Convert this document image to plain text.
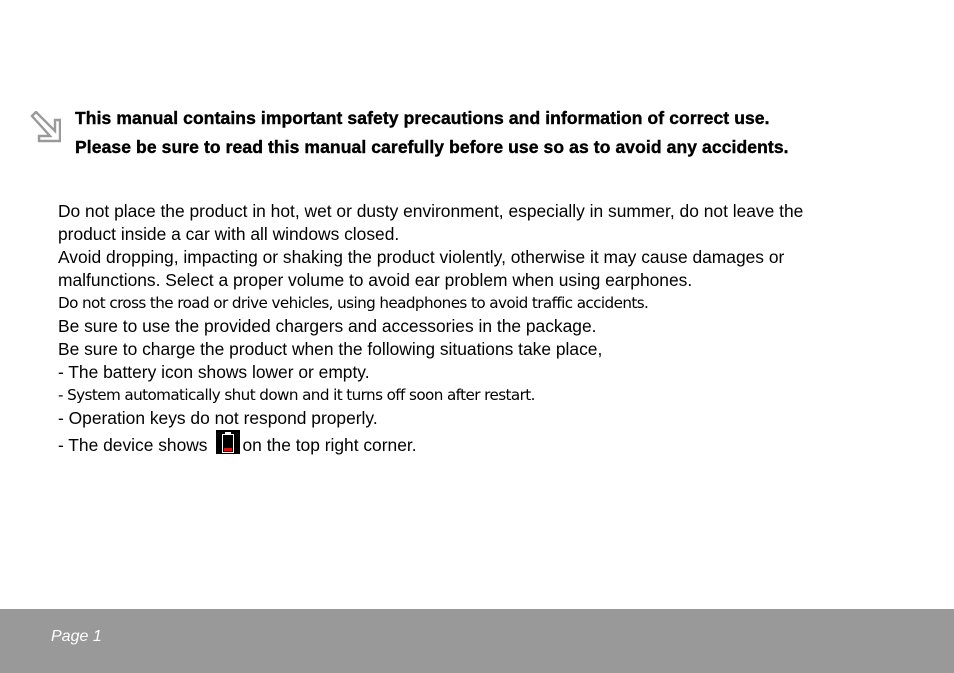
This manual contains important safety precautions and information of correct use.
Please be sure to read this manual carefully before use so as to avoid any accidents.
Do not place the product in hot, wet or dusty environment, especially in summer, do not leave the
product inside a car with all windows closed.
Avoid dropping, impacting or shaking the product violently, otherwise it may cause damages or
malfunctions. Select a proper volume to avoid ear problem when using earphones.
Do not cross the road or drive vehicles, using headphones to avoid traffic accidents.
Be sure to use the provided chargers and accessories in the package.
Be sure to charge the product when the following situations take place,
- The battery icon shows lower or empty.
- System automatically shut down and it turns off soon after restart.
- Operation keys do not respond properly.
- The device shows on the top right corner.
Page 1
